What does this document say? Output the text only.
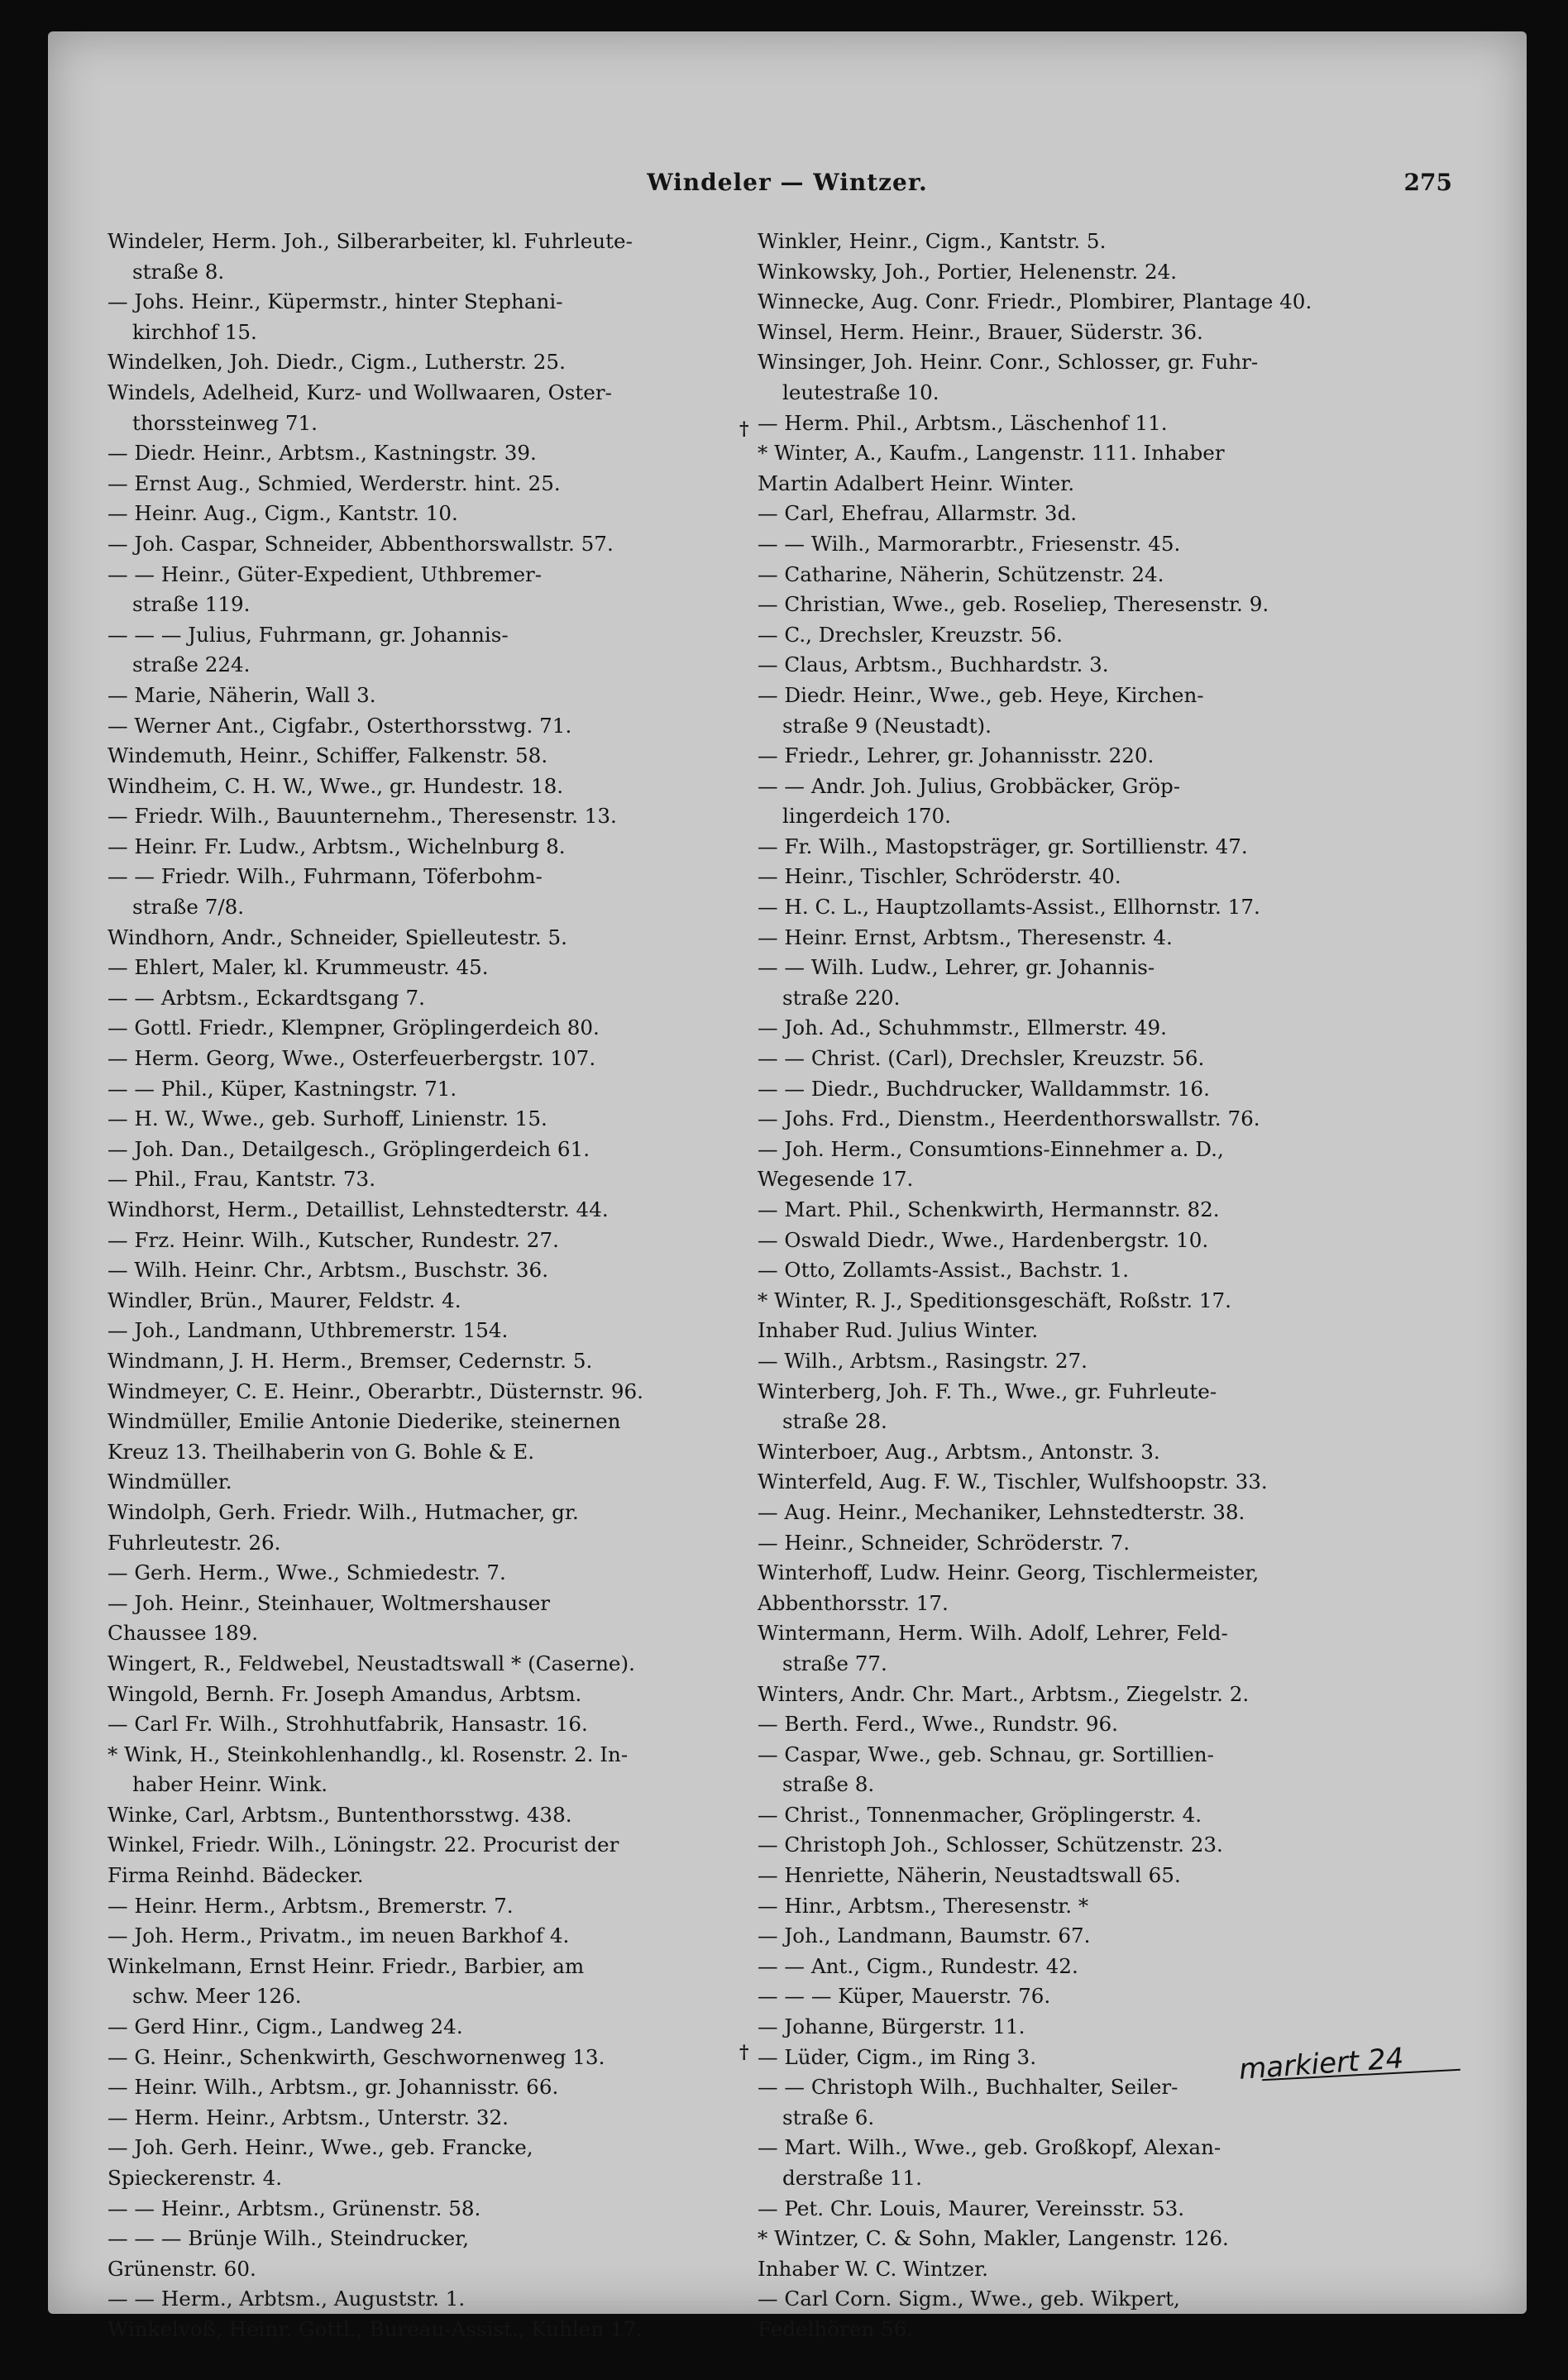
Windeler — Wintzer.	275
Windeler, Herm. Joh., Silberarbeiter, kl. Fuhrleute-
straße 8.
— Johs. Heinr., Küpermstr., hinter Stephani-
kirchhof 15.
Windelken, Joh. Diedr., Cigm., Lutherstr. 25.
Windels, Adelheid, Kurz- und Wollwaaren, Oster-
thorssteinweg 71.
— Diedr. Heinr., Arbtsm., Kastningstr. 39.
— Ernst Aug., Schmied, Werderstr. hint. 25.
— Heinr. Aug., Cigm., Kantstr. 10.
— Joh. Caspar, Schneider, Abbenthorswallstr. 57.
— — Heinr., Güter-Expedient, Uthbremer-
straße 119.
— — — Julius, Fuhrmann, gr. Johannis-
straße 224.
— Marie, Näherin, Wall 3.
— Werner Ant., Cigfabr., Osterthorsstwg. 71.
Windemuth, Heinr., Schiffer, Falkenstr. 58.
Windheim, C. H. W., Wwe., gr. Hundestr. 18.
— Friedr. Wilh., Bauunternehm., Theresenstr. 13.
— Heinr. Fr. Ludw., Arbtsm., Wichelnburg 8.
— — Friedr. Wilh., Fuhrmann, Töferbohm-
straße 7/8.
Windhorn, Andr., Schneider, Spielleutestr. 5.
— Ehlert, Maler, kl. Krummeustr. 45.
— — Arbtsm., Eckardtsgang 7.
— Gottl. Friedr., Klempner, Gröplingerdeich 80.
— Herm. Georg, Wwe., Osterfeuerbergstr. 107.
— — Phil., Küper, Kastningstr. 71.
— H. W., Wwe., geb. Surhoff, Linienstr. 15.
— Joh. Dan., Detailgesch., Gröplingerdeich 61.
— Phil., Frau, Kantstr. 73.
Windhorst, Herm., Detaillist, Lehnstedterstr. 44.
— Frz. Heinr. Wilh., Kutscher, Rundestr. 27.
— Wilh. Heinr. Chr., Arbtsm., Buschstr. 36.
Windler, Brün., Maurer, Feldstr. 4.
— Joh., Landmann, Uthbremerstr. 154.
Windmann, J. H. Herm., Bremser, Cedernstr. 5.
Windmeyer, C. E. Heinr., Oberarbtr., Düsternstr. 96.
Windmüller, Emilie Antonie Diederike, steinernen
Kreuz 13. Theilhaberin von G. Bohle & E.
Windmüller.
Windolph, Gerh. Friedr. Wilh., Hutmacher, gr.
Fuhrleutestr. 26.
— Gerh. Herm., Wwe., Schmiedestr. 7.
— Joh. Heinr., Steinhauer, Woltmershauser
Chaussee 189.
Wingert, R., Feldwebel, Neustadtswall * (Caserne).
Wingold, Bernh. Fr. Joseph Amandus, Arbtsm.
— Carl Fr. Wilh., Strohhutfabrik, Hansastr. 16.
* Wink, H., Steinkohlenhandlg., kl. Rosenstr. 2. In-
haber Heinr. Wink.
Winke, Carl, Arbtsm., Buntenthorsstwg. 438.
Winkel, Friedr. Wilh., Löningstr. 22. Procurist der
Firma Reinhd. Bädecker.
— Heinr. Herm., Arbtsm., Bremerstr. 7.
— Joh. Herm., Privatm., im neuen Barkhof 4.
Winkelmann, Ernst Heinr. Friedr., Barbier, am
schw. Meer 126.
— Gerd Hinr., Cigm., Landweg 24.
— G. Heinr., Schenkwirth, Geschwornenweg 13.
— Heinr. Wilh., Arbtsm., gr. Johannisstr. 66.
— Herm. Heinr., Arbtsm., Unterstr. 32.
— Joh. Gerh. Heinr., Wwe., geb. Francke,
Spieckerenstr. 4.
— — Heinr., Arbtsm., Grünenstr. 58.
— — — Brünje Wilh., Steindrucker,
Grünenstr. 60.
— — Herm., Arbtsm., Auguststr. 1.
Winkelvoß, Heinr. Gottl., Bureau-Assist., Kuhlen 17.
Winkler, Heinr., Cigm., Kantstr. 5.
Winkowsky, Joh., Portier, Helenenstr. 24.
Winnecke, Aug. Conr. Friedr., Plombirer, Plantage 40.
Winsel, Herm. Heinr., Brauer, Süderstr. 36.
Winsinger, Joh. Heinr. Conr., Schlosser, gr. Fuhr-
leutestraße 10.
— Herm. Phil., Arbtsm., Läschenhof 11.
* Winter, A., Kaufm., Langenstr. 111. Inhaber
Martin Adalbert Heinr. Winter.
— Carl, Ehefrau, Allarmstr. 3d.
— — Wilh., Marmorarbtr., Friesenstr. 45.
— Catharine, Näherin, Schützenstr. 24.
— Christian, Wwe., geb. Roseliep, Theresenstr. 9.
— C., Drechsler, Kreuzstr. 56.
— Claus, Arbtsm., Buchhardstr. 3.
— Diedr. Heinr., Wwe., geb. Heye, Kirchen-
straße 9 (Neustadt).
— Friedr., Lehrer, gr. Johannisstr. 220.
— — Andr. Joh. Julius, Grobbäcker, Gröp-
lingerdeich 170.
— Fr. Wilh., Mastopsträger, gr. Sortillienstr. 47.
— Heinr., Tischler, Schröderstr. 40.
— H. C. L., Hauptzollamts-Assist., Ellhornstr. 17.
— Heinr. Ernst, Arbtsm., Theresenstr. 4.
— — Wilh. Ludw., Lehrer, gr. Johannis-
straße 220.
— Joh. Ad., Schuhmmstr., Ellmerstr. 49.
— — Christ. (Carl), Drechsler, Kreuzstr. 56.
— — Diedr., Buchdrucker, Walldammstr. 16.
— Johs. Frd., Dienstm., Heerdenthorswallstr. 76.
— Joh. Herm., Consumtions-Einnehmer a. D.,
Wegesende 17.
— Mart. Phil., Schenkwirth, Hermannstr. 82.
— Oswald Diedr., Wwe., Hardenbergstr. 10.
— Otto, Zollamts-Assist., Bachstr. 1.
* Winter, R. J., Speditionsgeschäft, Roßstr. 17.
Inhaber Rud. Julius Winter.
— Wilh., Arbtsm., Rasingstr. 27.
Winterberg, Joh. F. Th., Wwe., gr. Fuhrleute-
straße 28.
Winterboer, Aug., Arbtsm., Antonstr. 3.
Winterfeld, Aug. F. W., Tischler, Wulfshoopstr. 33.
— Aug. Heinr., Mechaniker, Lehnstedterstr. 38.
— Heinr., Schneider, Schröderstr. 7.
Winterhoff, Ludw. Heinr. Georg, Tischlermeister,
Abbenthorsstr. 17.
Wintermann, Herm. Wilh. Adolf, Lehrer, Feld-
straße 77.
Winters, Andr. Chr. Mart., Arbtsm., Ziegelstr. 2.
— Berth. Ferd., Wwe., Rundstr. 96.
— Caspar, Wwe., geb. Schnau, gr. Sortillien-
straße 8.
— Christ., Tonnenmacher, Gröplingerstr. 4.
— Christoph Joh., Schlosser, Schützenstr. 23.
— Henriette, Näherin, Neustadtswall 65.
— Hinr., Arbtsm., Theresenstr. *
— Joh., Landmann, Baumstr. 67.
— — Ant., Cigm., Rundestr. 42.
— — — Küper, Mauerstr. 76.
— Johanne, Bürgerstr. 11.
— Lüder, Cigm., im Ring 3.
— — Christoph Wilh., Buchhalter, Seiler-
straße 6.
— Mart. Wilh., Wwe., geb. Großkopf, Alexan-
derstraße 11.
— Pet. Chr. Louis, Maurer, Vereinsstr. 53.
* Wintzer, C. & Sohn, Makler, Langenstr. 126.
Inhaber W. C. Wintzer.
— Carl Corn. Sigm., Wwe., geb. Wikpert,
Fedelhören 56.
†
†	markiert 24
